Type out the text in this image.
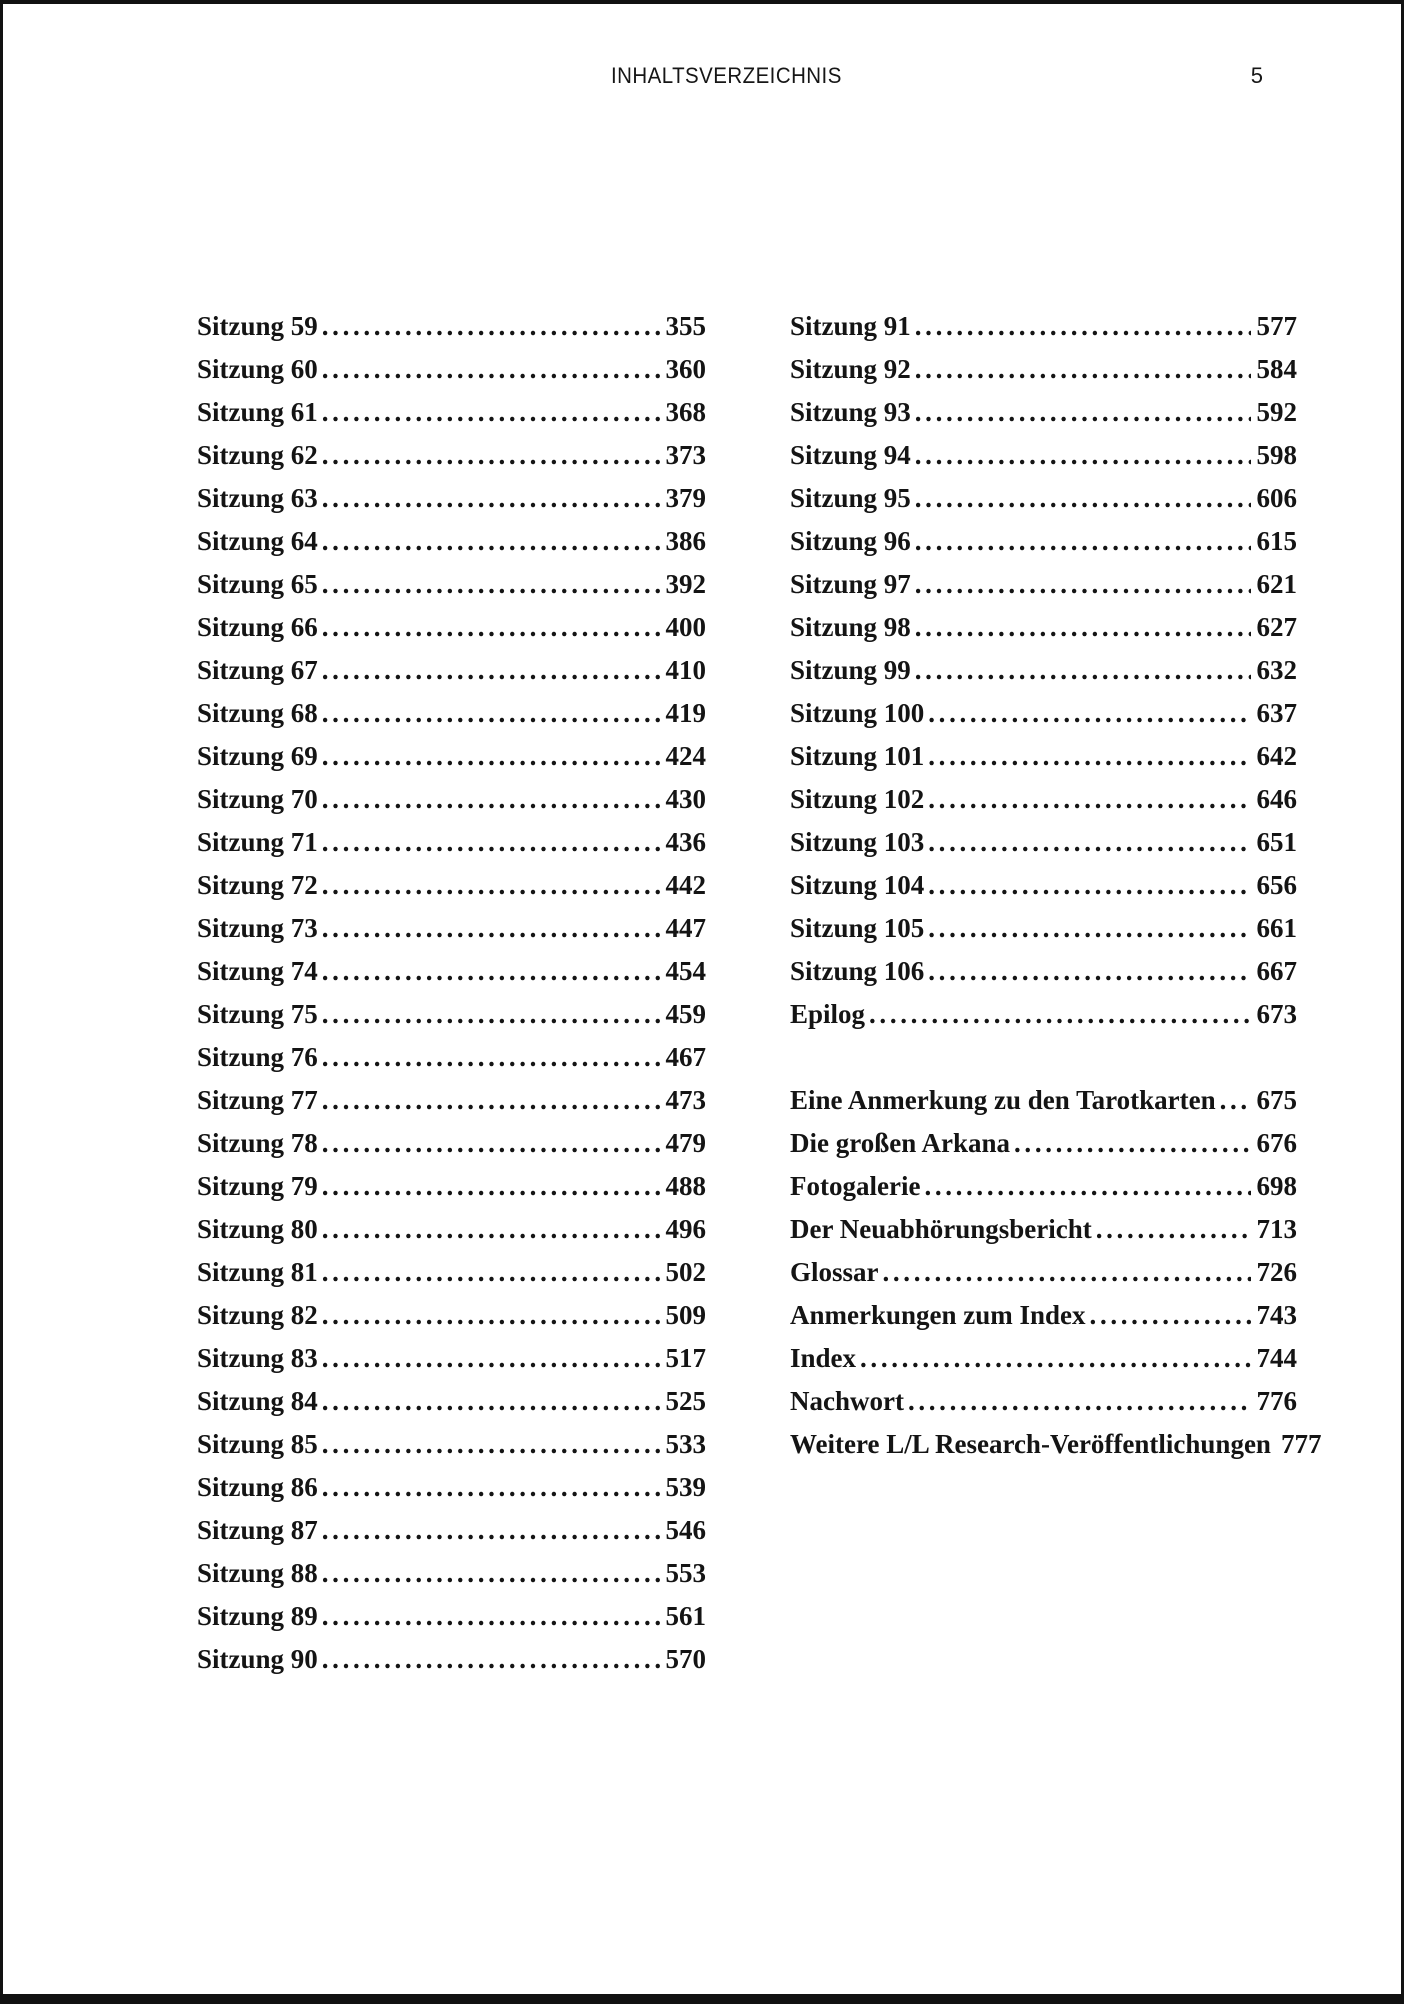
INHALTSVERZEICHNIS	5
Sitzung 59 .....	355
Sitzung 60 .....	360
Sitzung 61 .....	368
Sitzung 62 .....	373
Sitzung 63 .....	379
Sitzung 64 .....	386
Sitzung 65 .....	392
Sitzung 66 .....	400
Sitzung 67 .....	410
Sitzung 68 .....	419
Sitzung 69 .....	424
Sitzung 70 .....	430
Sitzung 71 .....	436
Sitzung 72 .....	442
Sitzung 73 .....	447
Sitzung 74 .....	454
Sitzung 75 .....	459
Sitzung 76 .....	467
Sitzung 77 .....	473
Sitzung 78 .....	479
Sitzung 79 .....	488
Sitzung 80 .....	496
Sitzung 81 .....	502
Sitzung 82 .....	509
Sitzung 83 .....	517
Sitzung 84 .....	525
Sitzung 85 .....	533
Sitzung 86 .....	539
Sitzung 87 .....	546
Sitzung 88 .....	553
Sitzung 89 .....	561
Sitzung 90 .....	570
Sitzung 91 .....	577
Sitzung 92 .....	584
Sitzung 93 .....	592
Sitzung 94 .....	598
Sitzung 95 .....	606
Sitzung 96 .....	615
Sitzung 97 .....	621
Sitzung 98 .....	627
Sitzung 99 .....	632
Sitzung 100 .....	637
Sitzung 101 .....	642
Sitzung 102 .....	646
Sitzung 103 .....	651
Sitzung 104 .....	656
Sitzung 105 .....	661
Sitzung 106 .....	667
Epilog .....	673
Eine Anmerkung zu den Tarotkarten ..... 675
Die großen Arkana .....	676
Fotogalerie .....	698
Der Neuabhörungsbericht .....	713
Glossar .....	726
Anmerkungen zum Index .....	743
Index .....	744
Nachwort .....	776
Weitere L/L Research-Veröffentlichungen 777
